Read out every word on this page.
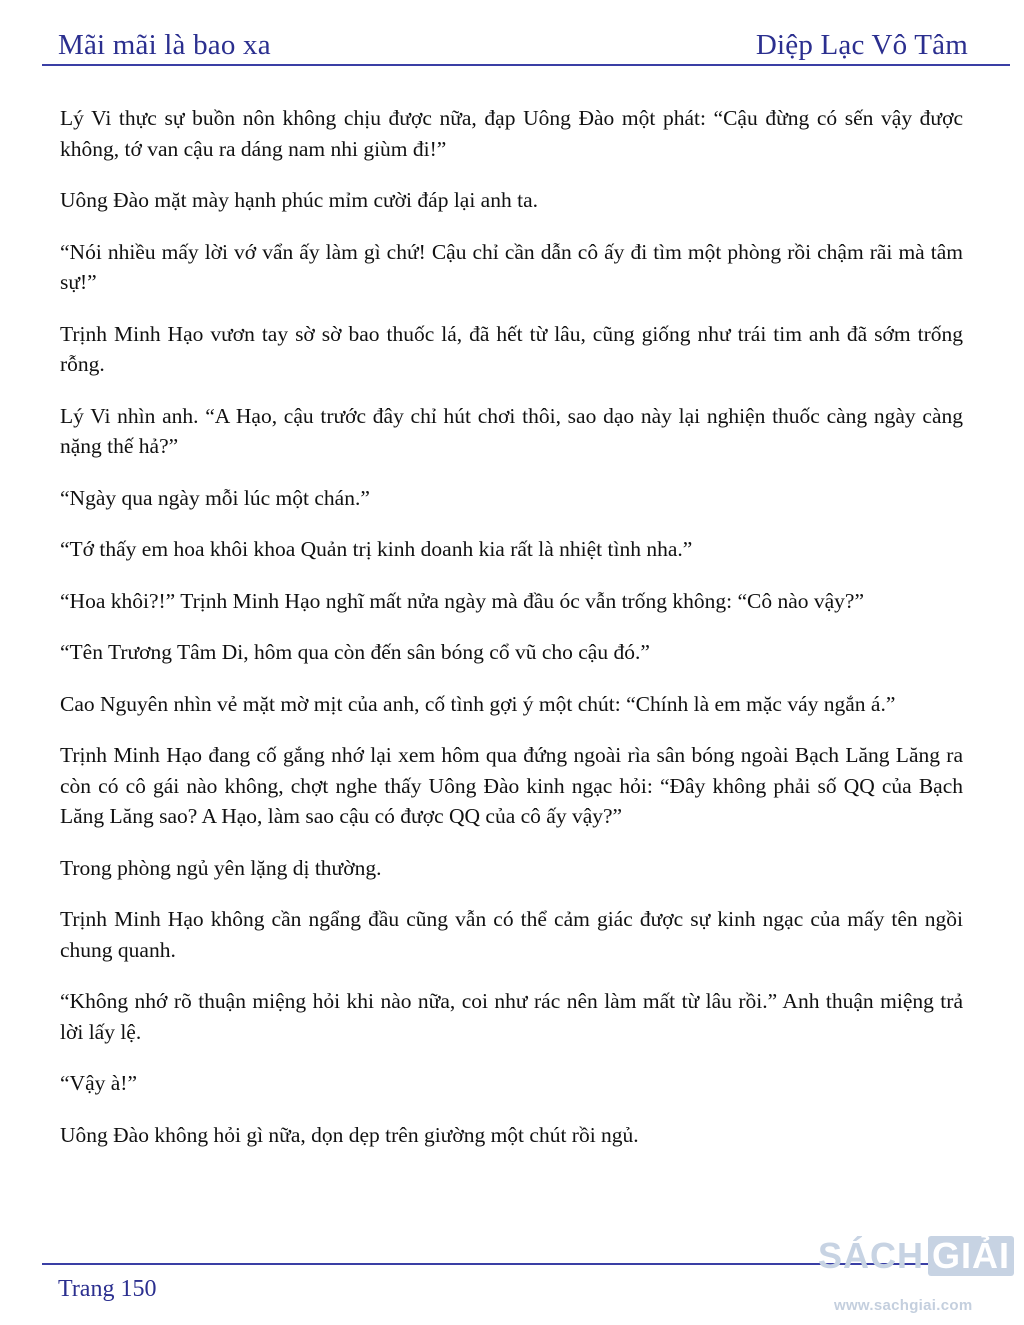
Mãi mãi là bao xa	Diệp Lạc Vô Tâm

Lý Vi thực sự buồn nôn không chịu được nữa, đạp Uông Đào một phát: “Cậu đừng có sến vậy được không, tớ van cậu ra dáng nam nhi giùm đi!”

Uông Đào mặt mày hạnh phúc mỉm cười đáp lại anh ta.

“Nói nhiều mấy lời vớ vẩn ấy làm gì chứ! Cậu chỉ cần dẫn cô ấy đi tìm một phòng rồi chậm rãi mà tâm sự!”

Trịnh Minh Hạo vươn tay sờ sờ bao thuốc lá, đã hết từ lâu, cũng giống như trái tim anh đã sớm trống rỗng.

Lý Vi nhìn anh. “A Hạo, cậu trước đây chỉ hút chơi thôi, sao dạo này lại nghiện thuốc càng ngày càng nặng thế hả?”

“Ngày qua ngày mỗi lúc một chán.”

“Tớ thấy em hoa khôi khoa Quản trị kinh doanh kia rất là nhiệt tình nha.”

“Hoa khôi?!” Trịnh Minh Hạo nghĩ mất nửa ngày mà đầu óc vẫn trống không: “Cô nào vậy?”

“Tên Trương Tâm Di, hôm qua còn đến sân bóng cổ vũ cho cậu đó.”

Cao Nguyên nhìn vẻ mặt mờ mịt của anh, cố tình gợi ý một chút: “Chính là em mặc váy ngắn á.”

Trịnh Minh Hạo đang cố gắng nhớ lại xem hôm qua đứng ngoài rìa sân bóng ngoài Bạch Lăng Lăng ra còn có cô gái nào không, chợt nghe thấy Uông Đào kinh ngạc hỏi: “Đây không phải số QQ của Bạch Lăng Lăng sao? A Hạo, làm sao cậu có được QQ của cô ấy vậy?”

Trong phòng ngủ yên lặng dị thường.

Trịnh Minh Hạo không cần ngẩng đầu cũng vẫn có thể cảm giác được sự kinh ngạc của mấy tên ngồi chung quanh.

“Không nhớ rõ thuận miệng hỏi khi nào nữa, coi như rác nên làm mất từ lâu rồi.” Anh thuận miệng trả lời lấy lệ.

“Vậy à!”

Uông Đào không hỏi gì nữa, dọn dẹp trên giường một chút rồi ngủ.

Trang 150
SÁCH GIẢI
www.sachgiai.com
